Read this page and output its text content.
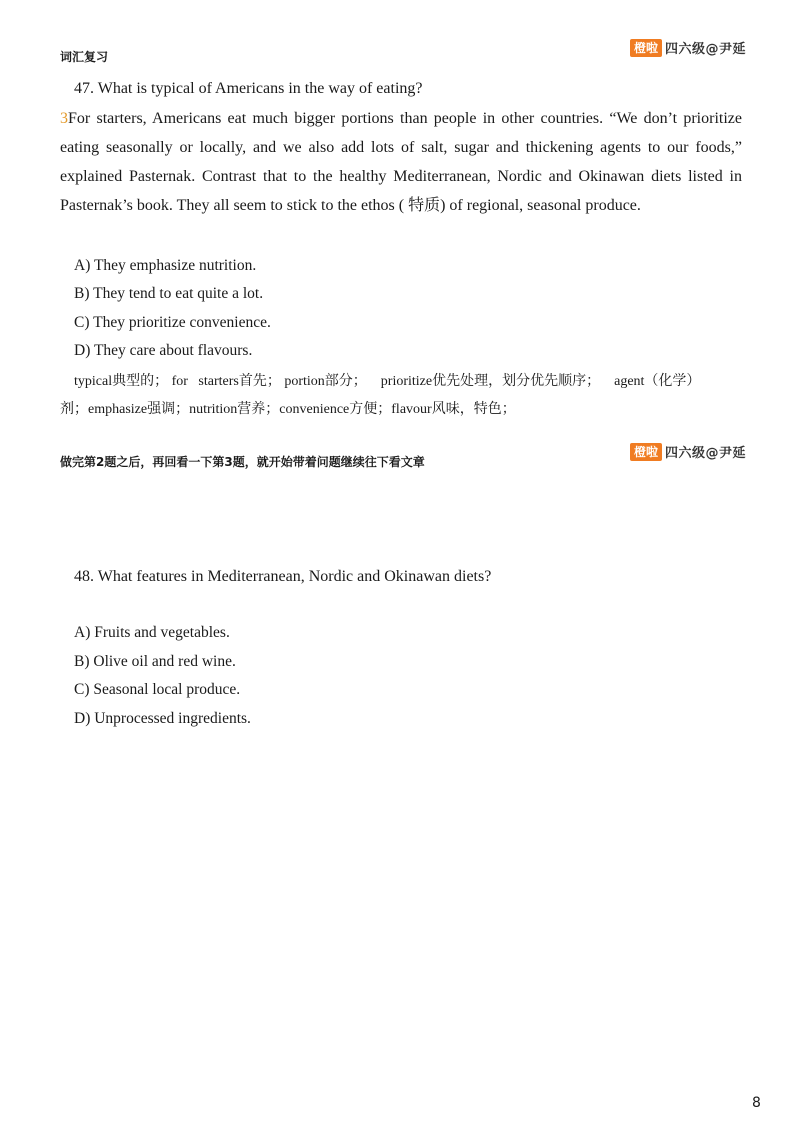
词汇复习
橙啦 四六级@尹延
47. What is typical of Americans in the way of eating?
3For starters, Americans eat much bigger portions than people in other countries. “We don’t prioritize eating seasonally or locally, and we also add lots of salt, sugar and thickening agents to our foods,” explained Pasternak. Contrast that to the healthy Mediterranean, Nordic and Okinawan diets listed in Pasternak’s book. They all seem to stick to the ethos ( 特质) of regional, seasonal produce.
A) They emphasize nutrition.
B) They tend to eat quite a lot.
C) They prioritize convenience.
D) They care about flavours.
typical典型的； for   starters首先； portion部分；    prioritize优先处理，划分优先顺序；    agent（化学）
剂；emphasize强调；nutrition营养；convenience方便；flavour风味，特色；
做完第2题之后，再回看一下第3题，就开始带着问题继续往下看文章
橙啦 四六级@尹延
48. What features in Mediterranean, Nordic and Okinawan diets?
A) Fruits and vegetables.
B) Olive oil and red wine.
C) Seasonal local produce.
D) Unprocessed ingredients.
8
